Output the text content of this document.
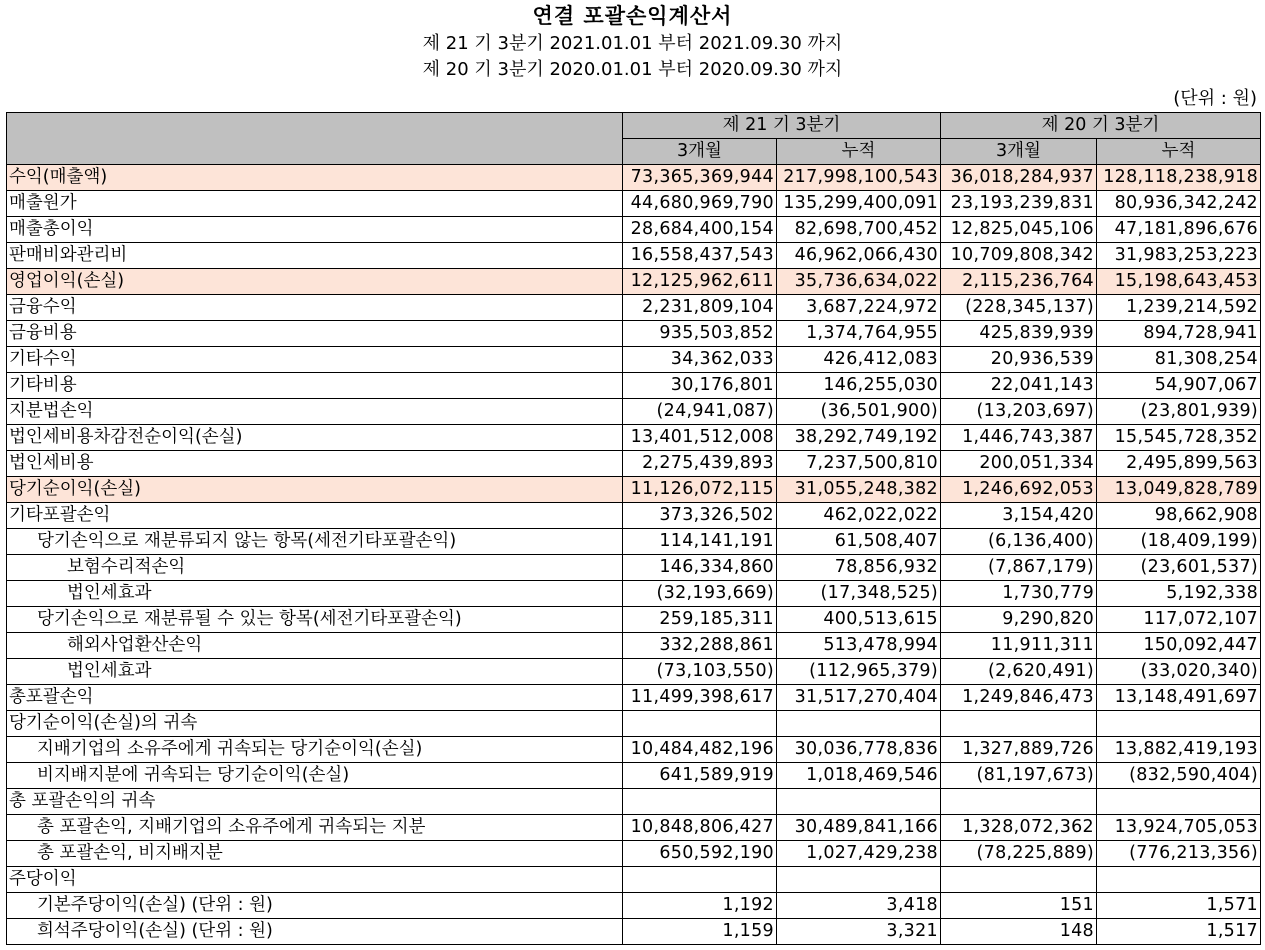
연결 포괄손익계산서
제 21 기 3분기 2021.01.01 부터 2021.09.30 까지
제 20 기 3분기 2020.01.01 부터 2020.09.30 까지
(단위 : 원)
	제 21 기 3분기		제 20 기 3분기	
	3개월	누적	3개월	누적
수익(매출액)	73,365,369,944	217,998,100,543	36,018,284,937	128,118,238,918
매출원가	44,680,969,790	135,299,400,091	23,193,239,831	80,936,342,242
매출총이익	28,684,400,154	82,698,700,452	12,825,045,106	47,181,896,676
판매비와관리비	16,558,437,543	46,962,066,430	10,709,808,342	31,983,253,223
영업이익(손실)	12,125,962,611	35,736,634,022	2,115,236,764	15,198,643,453
금융수익	2,231,809,104	3,687,224,972	(228,345,137)	1,239,214,592
금융비용	935,503,852	1,374,764,955	425,839,939	894,728,941
기타수익	34,362,033	426,412,083	20,936,539	81,308,254
기타비용	30,176,801	146,255,030	22,041,143	54,907,067
지분법손익	(24,941,087)	(36,501,900)	(13,203,697)	(23,801,939)
법인세비용차감전순이익(손실)	13,401,512,008	38,292,749,192	1,446,743,387	15,545,728,352
법인세비용	2,275,439,893	7,237,500,810	200,051,334	2,495,899,563
당기순이익(손실)	11,126,072,115	31,055,248,382	1,246,692,053	13,049,828,789
기타포괄손익	373,326,502	462,022,022	3,154,420	98,662,908
당기손익으로 재분류되지 않는 항목(세전기타포괄손익)	114,141,191	61,508,407	(6,136,400)	(18,409,199)
보험수리적손익	146,334,860	78,856,932	(7,867,179)	(23,601,537)
법인세효과	(32,193,669)	(17,348,525)	1,730,779	5,192,338
당기손익으로 재분류될 수 있는 항목(세전기타포괄손익)	259,185,311	400,513,615	9,290,820	117,072,107
해외사업환산손익	332,288,861	513,478,994	11,911,311	150,092,447
법인세효과	(73,103,550)	(112,965,379)	(2,620,491)	(33,020,340)
총포괄손익	11,499,398,617	31,517,270,404	1,249,846,473	13,148,491,697
당기순이익(손실)의 귀속				
지배기업의 소유주에게 귀속되는 당기순이익(손실)	10,484,482,196	30,036,778,836	1,327,889,726	13,882,419,193
비지배지분에 귀속되는 당기순이익(손실)	641,589,919	1,018,469,546	(81,197,673)	(832,590,404)
총 포괄손익의 귀속				
총 포괄손익, 지배기업의 소유주에게 귀속되는 지분	10,848,806,427	30,489,841,166	1,328,072,362	13,924,705,053
총 포괄손익, 비지배지분	650,592,190	1,027,429,238	(78,225,889)	(776,213,356)
주당이익				
기본주당이익(손실) (단위 : 원)	1,192	3,418	151	1,571
희석주당이익(손실) (단위 : 원)	1,159	3,321	148	1,517
